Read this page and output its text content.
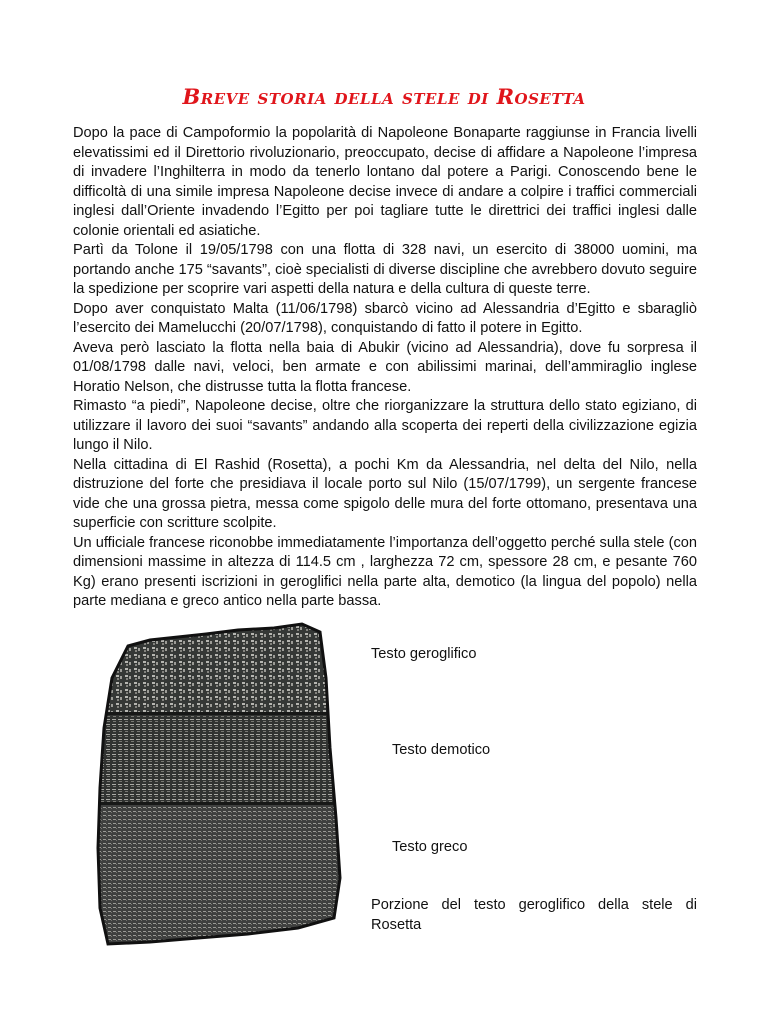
Breve storia della stele di Rosetta

Dopo la pace di Campoformio la popolarità di Napoleone Bonaparte raggiunse in Francia livelli elevatissimi ed il Direttorio rivoluzionario, preoccupato, decise di affidare a Napoleone l’impresa di invadere l’Inghilterra in modo da tenerlo lontano dal potere a Parigi. Conoscendo bene le difficoltà di una simile impresa Napoleone decise invece di andare a colpire i traffici commerciali inglesi dall’Oriente invadendo l’Egitto per poi tagliare tutte le direttrici dei traffici inglesi dalle colonie orientali ed asiatiche.

Partì da Tolone il 19/05/1798 con una flotta di 328 navi, un esercito di 38000 uomini, ma portando anche 175 “savants”, cioè specialisti di diverse discipline che avrebbero dovuto seguire la spedizione per scoprire vari aspetti della natura e della cultura di queste terre.

Dopo aver conquistato Malta (11/06/1798) sbarcò vicino ad Alessandria d’Egitto e sbaragliò l’esercito dei Mamelucchi (20/07/1798), conquistando di fatto il potere in Egitto.

Aveva però lasciato la flotta nella baia di Abukir (vicino ad Alessandria), dove fu sorpresa il 01/08/1798 dalle navi, veloci, ben armate e con abilissimi marinai, dell’ammiraglio inglese Horatio Nelson, che distrusse tutta la flotta francese.

Rimasto “a piedi”, Napoleone decise, oltre che riorganizzare la struttura dello stato egiziano, di utilizzare il lavoro dei suoi “savants” andando alla scoperta dei reperti della civilizzazione egizia lungo il Nilo.

Nella cittadina di El Rashid (Rosetta), a pochi Km da Alessandria, nel delta del Nilo, nella distruzione del forte che presidiava il locale porto sul Nilo (15/07/1799), un sergente francese vide che una grossa pietra, messa come spigolo delle mura del forte ottomano, presentava una superficie con scritture scolpite.

Un ufficiale francese riconobbe immediatamente l’importanza dell’oggetto perché sulla stele (con dimensioni massime in altezza di 114.5 cm , larghezza 72 cm, spessore 28 cm, e pesante 760 Kg) erano presenti iscrizioni in geroglifici nella parte alta, demotico (la lingua del popolo) nella parte mediana e greco antico nella parte bassa.

Testo geroglifico
Testo demotico
Testo greco
Porzione del testo geroglifico della stele di Rosetta
